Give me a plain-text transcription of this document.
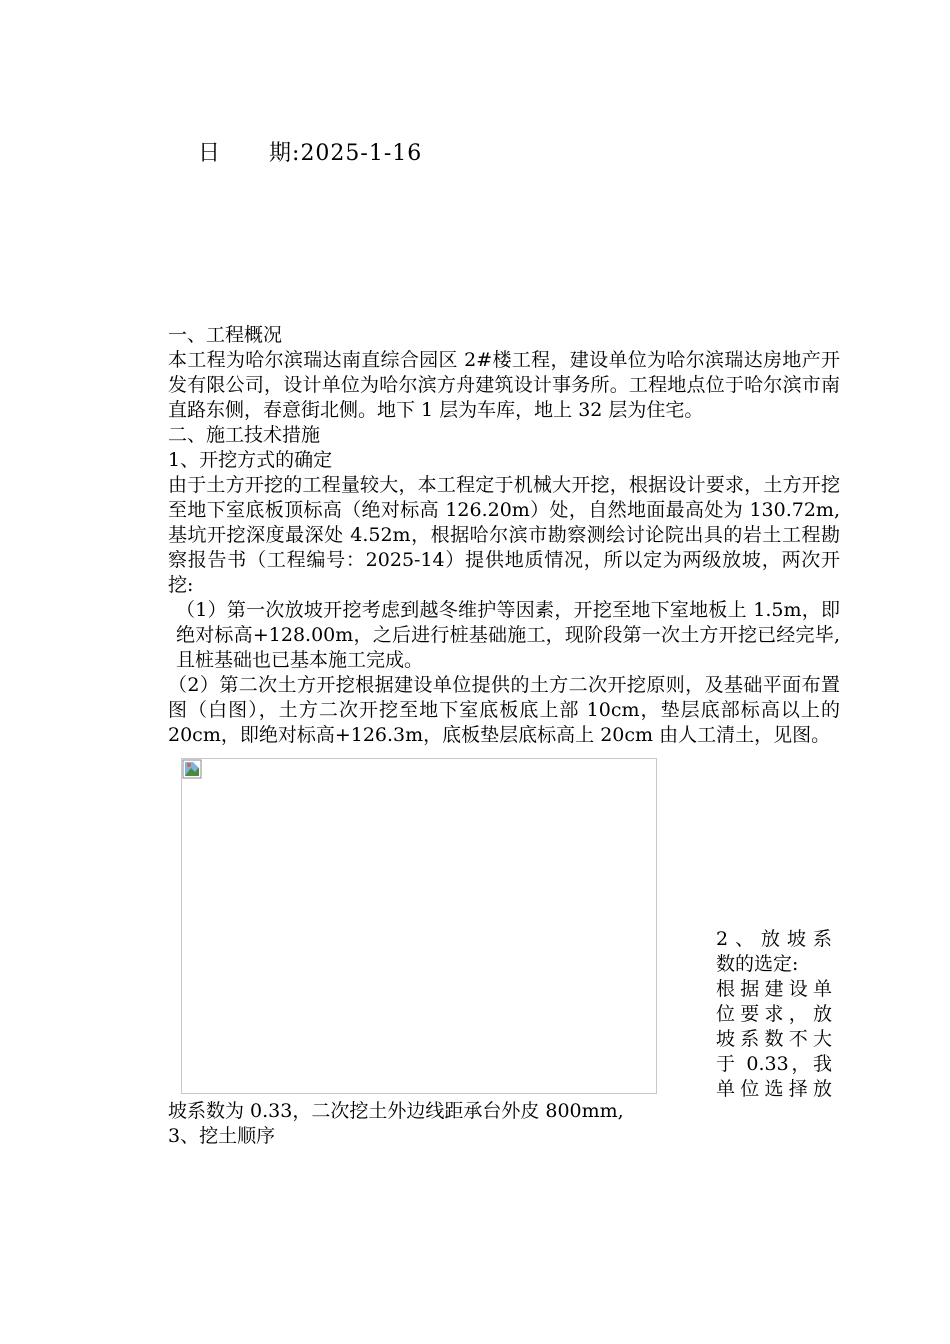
日 期:2025-1-16

一、工程概况

本工程为哈尔滨瑞达南直综合园区 2#楼工程，建设单位为哈尔滨瑞达房地产开发有限公司，设计单位为哈尔滨方舟建筑设计事务所。工程地点位于哈尔滨市南直路东侧，春意街北侧。地下 1 层为车库，地上 32 层为住宅。

二、施工技术措施

1、开挖方式的确定

由于土方开挖的工程量较大，本工程定于机械大开挖，根据设计要求，土方开挖至地下室底板顶标高（绝对标高 126.20m）处，自然地面最高处为 130.72m,基坑开挖深度最深处 4.52m，根据哈尔滨市勘察测绘讨论院出具的岩土工程勘察报告书（工程编号：2025-14）提供地质情况，所以定为两级放坡，两次开挖:

（1）第一次放坡开挖考虑到越冬维护等因素，开挖至地下室地板上 1.5m，即绝对标高+128.00m，之后进行桩基础施工，现阶段第一次土方开挖已经完毕,且桩基础也已基本施工完成。

（2）第二次土方开挖根据建设单位提供的土方二次开挖原则，及基础平面布置图（白图），土方二次开挖至地下室底板底上部 10cm，垫层底部标高以上的 20cm，即绝对标高+126.3m，底板垫层底标高上 20cm 由人工清土，见图。

2、放坡系
数的选定:
根据建设单
位要求，放
坡系数不大
于 0.33，我
单位选择放

坡系数为 0.33，二次挖土外边线距承台外皮 800mm,

3、挖土顺序
